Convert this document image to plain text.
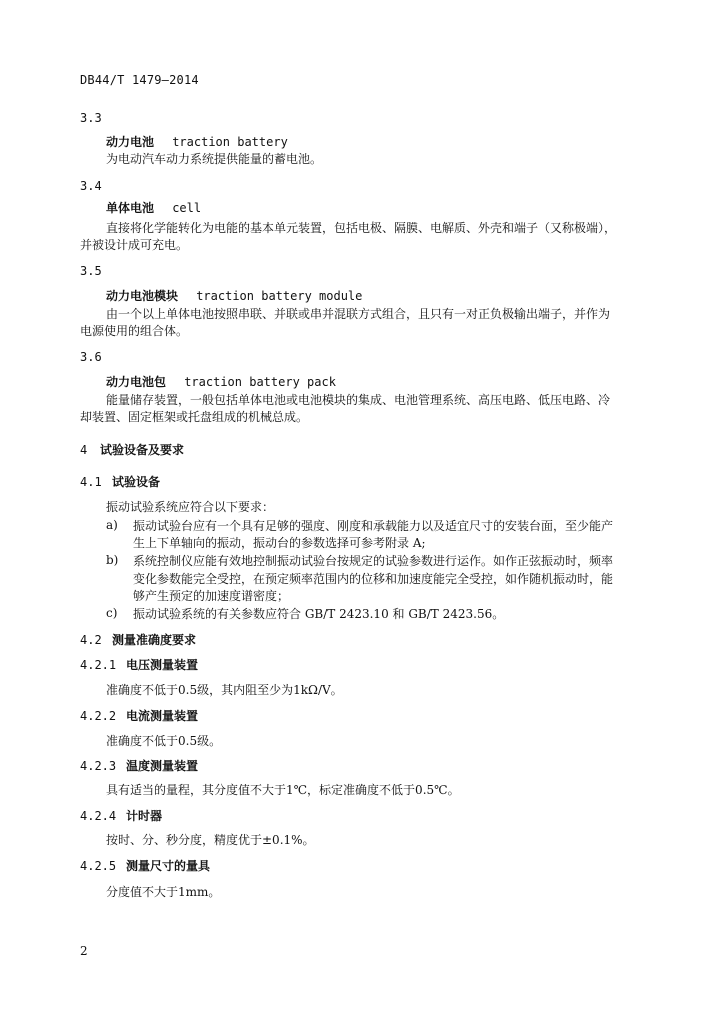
DB44/T 1479—2014
3.3
动力电池 traction battery
为电动汽车动力系统提供能量的蓄电池。
3.4
单体电池 cell
直接将化学能转化为电能的基本单元装置，包括电极、隔膜、电解质、外壳和端子（又称极端），
并被设计成可充电。
3.5
动力电池模块 traction battery module
由一个以上单体电池按照串联、并联或串并混联方式组合，且只有一对正负极输出端子，并作为
电源使用的组合体。
3.6
动力电池包 traction battery pack
能量储存装置，一般包括单体电池或电池模块的集成、电池管理系统、高压电路、低压电路、冷
却装置、固定框架或托盘组成的机械总成。
4 试验设备及要求
4.1 试验设备
振动试验系统应符合以下要求：
a) 振动试验台应有一个具有足够的强度、刚度和承载能力以及适宜尺寸的安装台面，至少能产
生上下单轴向的振动，振动台的参数选择可参考附录 A;
b) 系统控制仪应能有效地控制振动试验台按规定的试验参数进行运作。如作正弦振动时，频率
变化参数能完全受控，在预定频率范围内的位移和加速度能完全受控，如作随机振动时，能
够产生预定的加速度谱密度；
c) 振动试验系统的有关参数应符合 GB/T 2423.10 和 GB/T 2423.56。
4.2 测量准确度要求
4.2.1 电压测量装置
准确度不低于0.5级，其内阻至少为1kΩ/V。
4.2.2 电流测量装置
准确度不低于0.5级。
4.2.3 温度测量装置
具有适当的量程，其分度值不大于1℃，标定准确度不低于0.5℃。
4.2.4 计时器
按时、分、秒分度，精度优于±0.1%。
4.2.5 测量尺寸的量具
分度值不大于1mm。
2
